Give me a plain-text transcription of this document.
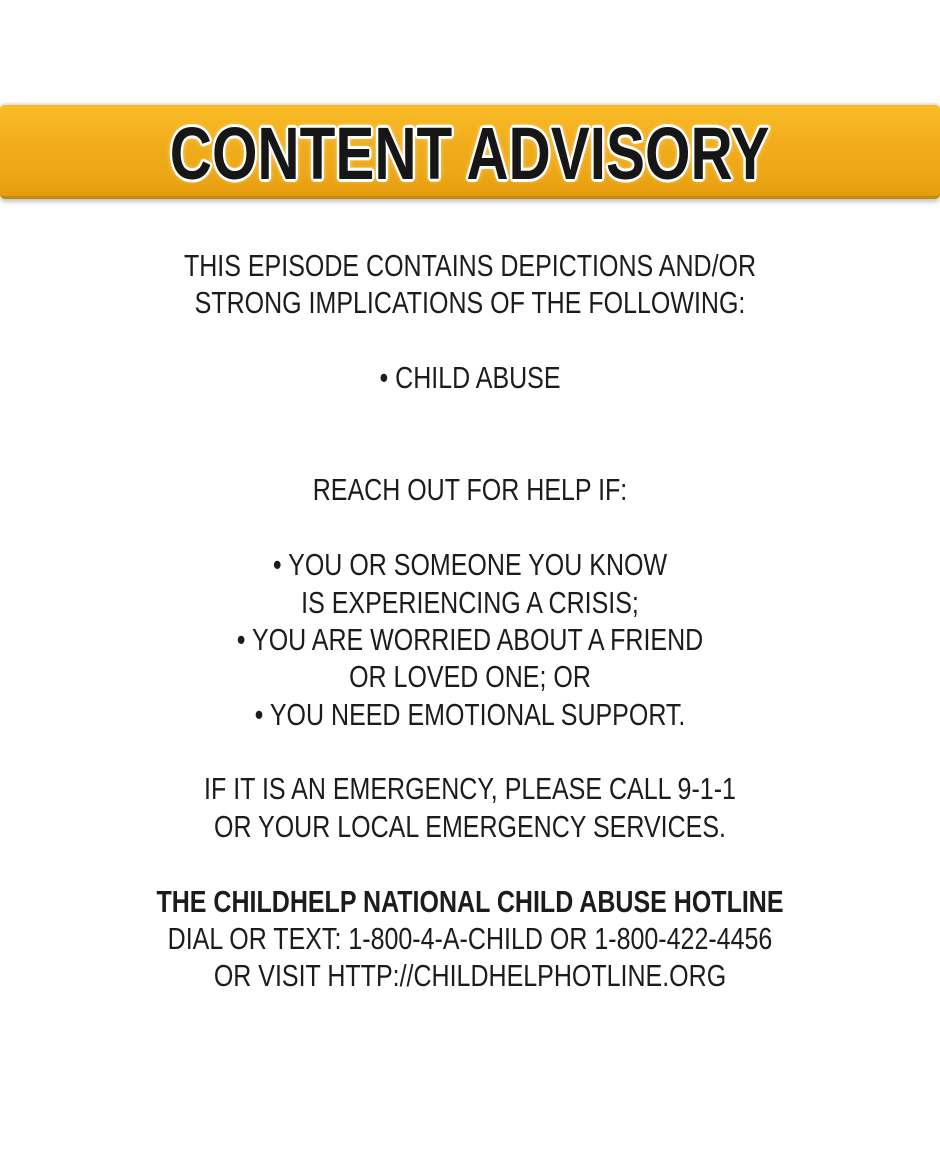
CONTENT ADVISORY
THIS EPISODE CONTAINS DEPICTIONS AND/OR
STRONG IMPLICATIONS OF THE FOLLOWING:
• CHILD ABUSE
REACH OUT FOR HELP IF:
• YOU OR SOMEONE YOU KNOW
IS EXPERIENCING A CRISIS;
• YOU ARE WORRIED ABOUT A FRIEND
OR LOVED ONE; OR
• YOU NEED EMOTIONAL SUPPORT.
IF IT IS AN EMERGENCY, PLEASE CALL 9-1-1
OR YOUR LOCAL EMERGENCY SERVICES.
THE CHILDHELP NATIONAL CHILD ABUSE HOTLINE
DIAL OR TEXT: 1-800-4-A-CHILD OR 1-800-422-4456
OR VISIT HTTP://CHILDHELPHOTLINE.ORG
